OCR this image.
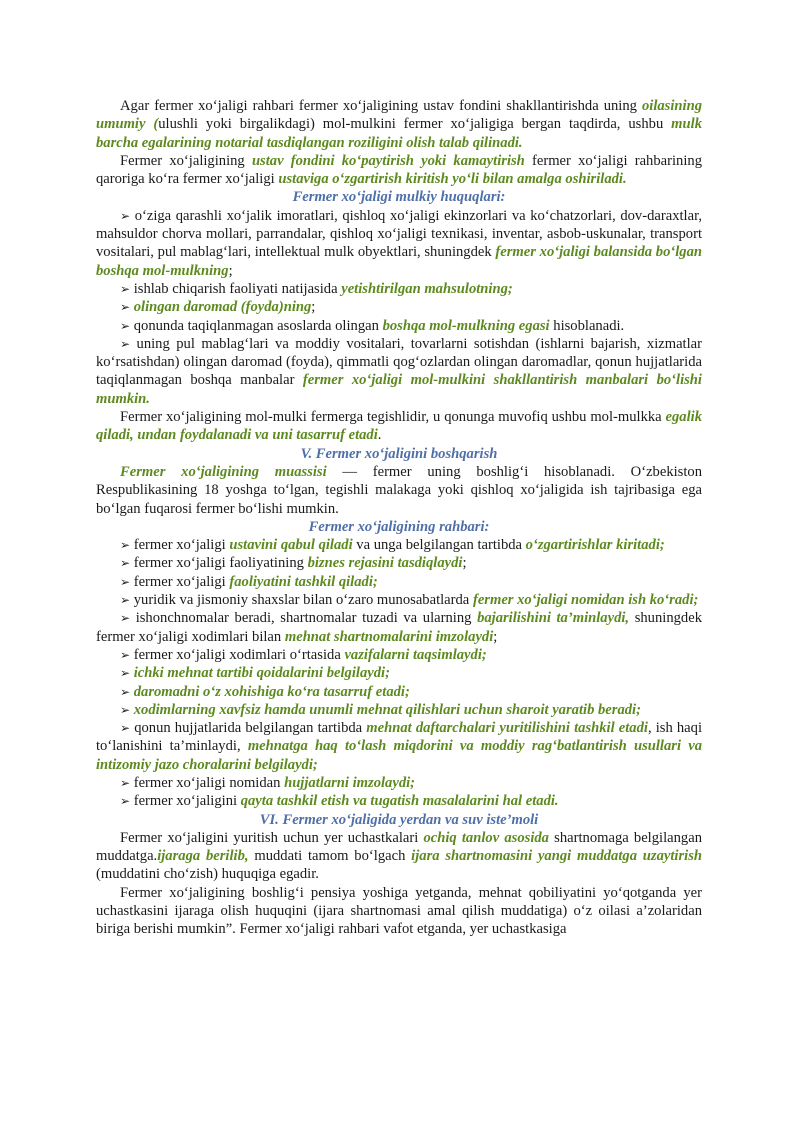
Agar fermer xo‘jaligi rahbari fermer xo‘jaligining ustav fondini shakllantirishda uning oilasining umumiy (ulushli yoki birgalikdagi) mol-mulkini fermer xo‘jaligiga bergan taqdirda, ushbu mulk barcha egalarining notarial tasdiqlangan roziligini olish talab qilinadi.

Fermer xo‘jaligining ustav fondini ko‘paytirish yoki kamaytirish fermer xo‘jaligi rahbarining qaroriga ko‘ra fermer xo‘jaligi ustaviga o‘zgartirish kiritish yo‘li bilan amalga oshiriladi.

Fermer xo‘jaligi mulkiy huquqlari:

➢ o‘ziga qarashli xo‘jalik imoratlari, qishloq xo‘jaligi ekinzorlari va ko‘chatzorlari, dov-daraxtlar, mahsuldor chorva mollari, parrandalar, qishloq xo‘jaligi texnikasi, inventar, asbob-uskunalar, transport vositalari, pul mablag‘lari, intellektual mulk obyektlari, shuningdek fermer xo‘jaligi balansida bo‘lgan boshqa mol-mulkning;

➢ ishlab chiqarish faoliyati natijasida yetishtirilgan mahsulotning;

➢ olingan daromad (foyda)ning;

➢ qonunda taqiqlanmagan asoslarda olingan boshqa mol-mulkning egasi hisoblanadi.

➢ uning pul mablag‘lari va moddiy vositalari, tovarlarni sotishdan (ishlarni bajarish, xizmatlar ko‘rsatishdan) olingan daromad (foyda), qimmatli qog‘ozlardan olingan daromadlar, qonun hujjatlarida taqiqlanmagan boshqa manbalar fermer xo‘jaligi mol-mulkini shakllantirish manbalari bo‘lishi mumkin.

Fermer xo‘jaligining mol-mulki fermerga tegishlidir, u qonunga muvofiq ushbu mol-mulkka egalik qiladi, undan foydalanadi va uni tasarruf etadi.

V. Fermer xo‘jaligini boshqarish

Fermer xo‘jaligining muassisi — fermer uning boshlig‘i hisoblanadi. O‘zbekiston Respublikasining 18 yoshga to‘lgan, tegishli malakaga yoki qishloq xo‘jaligida ish tajribasiga ega bo‘lgan fuqarosi fermer bo‘lishi mumkin.

Fermer xo‘jaligining rahbari:

➢ fermer xo‘jaligi ustavini qabul qiladi va unga belgilangan tartibda o‘zgartirishlar kiritadi;

➢ fermer xo‘jaligi faoliyatining biznes rejasini tasdiqlaydi;

➢ fermer xo‘jaligi faoliyatini tashkil qiladi;

➢ yuridik va jismoniy shaxslar bilan o‘zaro munosabatlarda fermer xo‘jaligi nomidan ish ko‘radi;

➢ ishonchnomalar beradi, shartnomalar tuzadi va ularning bajarilishini ta’minlaydi, shuningdek fermer xo‘jaligi xodimlari bilan mehnat shartnomalarini imzolaydi;

➢ fermer xo‘jaligi xodimlari o‘rtasida vazifalarni taqsimlaydi;

➢ ichki mehnat tartibi qoidalarini belgilaydi;

➢ daromadni o‘z xohishiga ko‘ra tasarruf etadi;

➢ xodimlarning xavfsiz hamda unumli mehnat qilishlari uchun sharoit yaratib beradi;

➢ qonun hujjatlarida belgilangan tartibda mehnat daftarchalari yuritilishini tashkil etadi, ish haqi to‘lanishini ta’minlaydi, mehnatga haq to‘lash miqdorini va moddiy rag‘batlantirish usullari va intizomiy jazo choralarini belgilaydi;

➢ fermer xo‘jaligi nomidan hujjatlarni imzolaydi;

➢ fermer xo‘jaligini qayta tashkil etish va tugatish masalalarini hal etadi.

VI. Fermer xo‘jaligida yerdan va suv iste’moli

Fermer xo‘jaligini yuritish uchun yer uchastkalari ochiq tanlov asosida shartnomaga belgilangan muddatga.ijaraga berilib, muddati tamom bo‘lgach ijara shartnomasini yangi muddatga uzaytirish (muddatini cho‘zish) huquqiga egadir.

Fermer xo‘jaligining boshlig‘i pensiya yoshiga yetganda, mehnat qobiliyatini yo‘qotganda yer uchastkasini ijaraga olish huquqini (ijara shartnomasi amal qilish muddatiga) o‘z oilasi a’zolaridan biriga berishi mumkin”. Fermer xo‘jaligi rahbari vafot etganda, yer uchastkasiga
